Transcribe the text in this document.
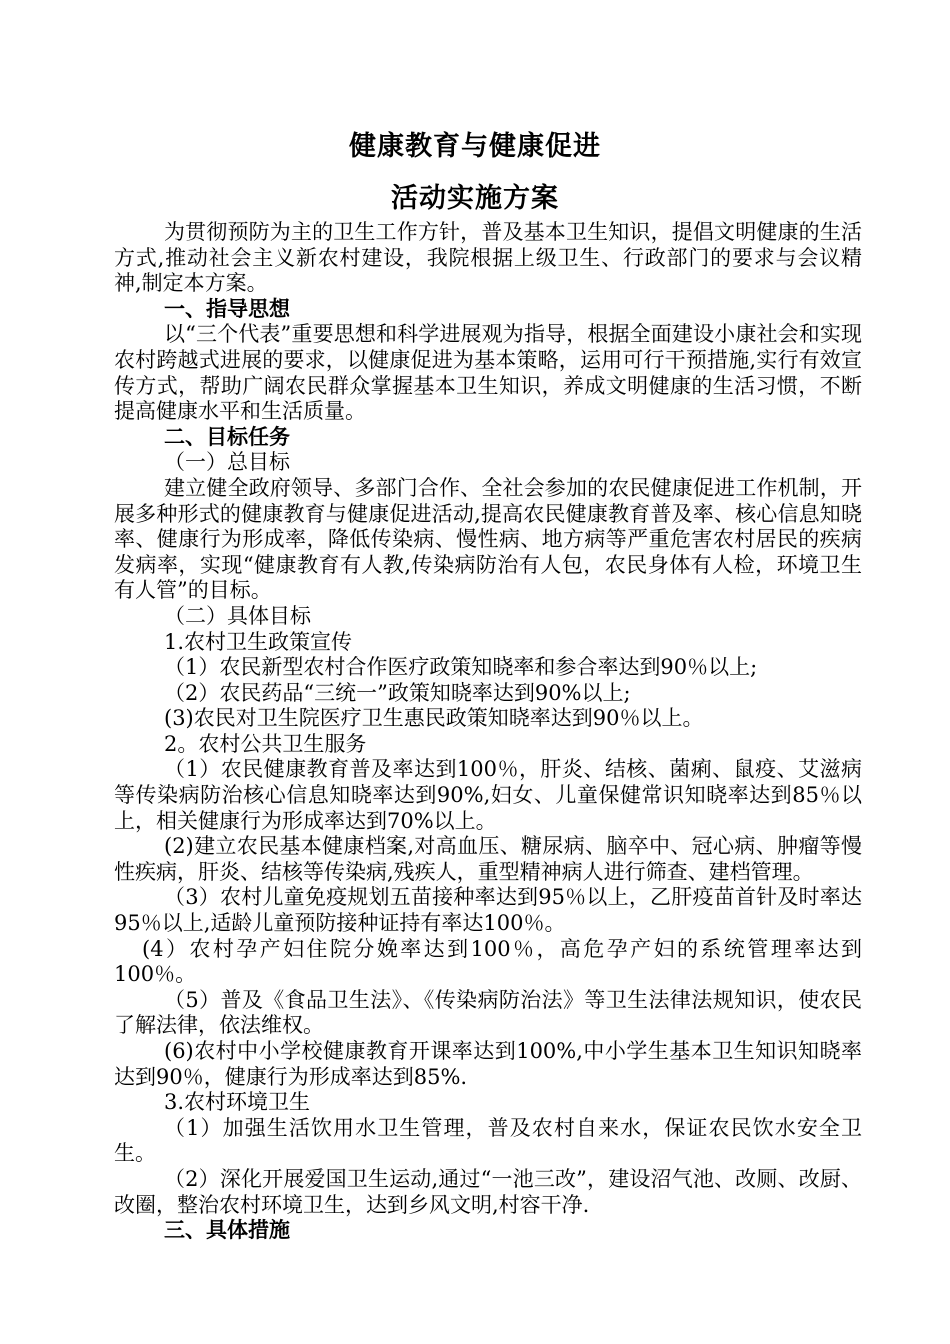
健康教育与健康促进
活动实施方案

为贯彻预防为主的卫生工作方针，普及基本卫生知识，提倡文明健康的生活方式,推动社会主义新农村建设，我院根据上级卫生、行政部门的要求与会议精神,制定本方案。

一、指导思想

以“三个代表”重要思想和科学进展观为指导，根据全面建设小康社会和实现农村跨越式进展的要求，以健康促进为基本策略，运用可行干预措施,实行有效宣传方式，帮助广阔农民群众掌握基本卫生知识，养成文明健康的生活习惯，不断提高健康水平和生活质量。

二、目标任务

（一）总目标

建立健全政府领导、多部门合作、全社会参加的农民健康促进工作机制，开展多种形式的健康教育与健康促进活动,提高农民健康教育普及率、核心信息知晓率、健康行为形成率，降低传染病、慢性病、地方病等严重危害农村居民的疾病发病率，实现“健康教育有人教,传染病防治有人包，农民身体有人检，环境卫生有人管”的目标。

（二）具体目标

1.农村卫生政策宣传

（1）农民新型农村合作医疗政策知晓率和参合率达到90％以上;

（2）农民药品“三统一”政策知晓率达到90%以上;

(3)农民对卫生院医疗卫生惠民政策知晓率达到90％以上。

2。农村公共卫生服务

（1）农民健康教育普及率达到100％，肝炎、结核、菌痢、鼠疫、艾滋病等传染病防治核心信息知晓率达到90%,妇女、儿童保健常识知晓率达到85％以上，相关健康行为形成率达到70%以上。

(2)建立农民基本健康档案,对高血压、糖尿病、脑卒中、冠心病、肿瘤等慢性疾病，肝炎、结核等传染病,残疾人，重型精神病人进行筛查、建档管理。

（3）农村儿童免疫规划五苗接种率达到95％以上，乙肝疫苗首针及时率达95％以上,适龄儿童预防接种证持有率达100％。

(4）农村孕产妇住院分娩率达到100％，高危孕产妇的系统管理率达到100％。

（5）普及《食品卫生法》、《传染病防治法》等卫生法律法规知识，使农民了解法律，依法维权。

(6)农村中小学校健康教育开课率达到100%,中小学生基本卫生知识知晓率达到90％，健康行为形成率达到85%.

3.农村环境卫生

（1）加强生活饮用水卫生管理，普及农村自来水，保证农民饮水安全卫生。

（2）深化开展爱国卫生运动,通过“一池三改”，建设沼气池、改厕、改厨、改圈，整治农村环境卫生，达到乡风文明,村容干净.

三、具体措施
